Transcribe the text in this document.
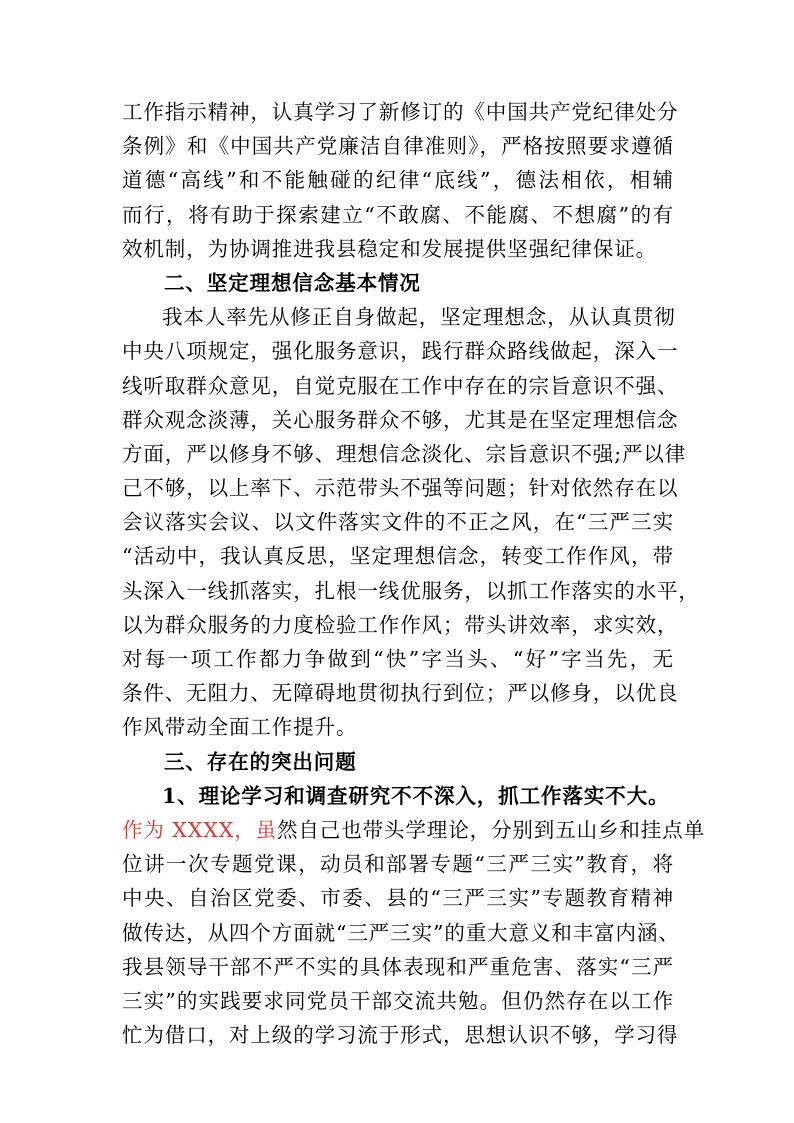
工作指示精神，认真学习了新修订的《中国共产党纪律处分
条例》和《中国共产党廉洁自律准则》，严格按照要求遵循
道德“高线”和不能触碰的纪律“底线”，德法相依，相辅
而行，将有助于探索建立“不敢腐、不能腐、不想腐”的有
效机制，为协调推进我县稳定和发展提供坚强纪律保证。
二、坚定理想信念基本情况
我本人率先从修正自身做起，坚定理想念，从认真贯彻
中央八项规定，强化服务意识，践行群众路线做起，深入一
线听取群众意见，自觉克服在工作中存在的宗旨意识不强、
群众观念淡薄，关心服务群众不够，尤其是在坚定理想信念
方面，严以修身不够、理想信念淡化、宗旨意识不强;严以律
己不够，以上率下、示范带头不强等问题；针对依然存在以
会议落实会议、以文件落实文件的不正之风，在“三严三实
“活动中，我认真反思，坚定理想信念，转变工作作风，带
头深入一线抓落实，扎根一线优服务，以抓工作落实的水平，
以为群众服务的力度检验工作作风；带头讲效率，求实效，
对每一项工作都力争做到“快”字当头、“好”字当先，无
条件、无阻力、无障碍地贯彻执行到位；严以修身，以优良
作风带动全面工作提升。
三、存在的突出问题
1、理论学习和调查研究不不深入，抓工作落实不大。
作为 XXXX，虽然自己也带头学理论，分别到五山乡和挂点单
位讲一次专题党课，动员和部署专题“三严三实”教育，将
中央、自治区党委、市委、县的“三严三实”专题教育精神
做传达，从四个方面就“三严三实”的重大意义和丰富内涵、
我县领导干部不严不实的具体表现和严重危害、落实“三严
三实”的实践要求同党员干部交流共勉。但仍然存在以工作
忙为借口，对上级的学习流于形式，思想认识不够，学习得
